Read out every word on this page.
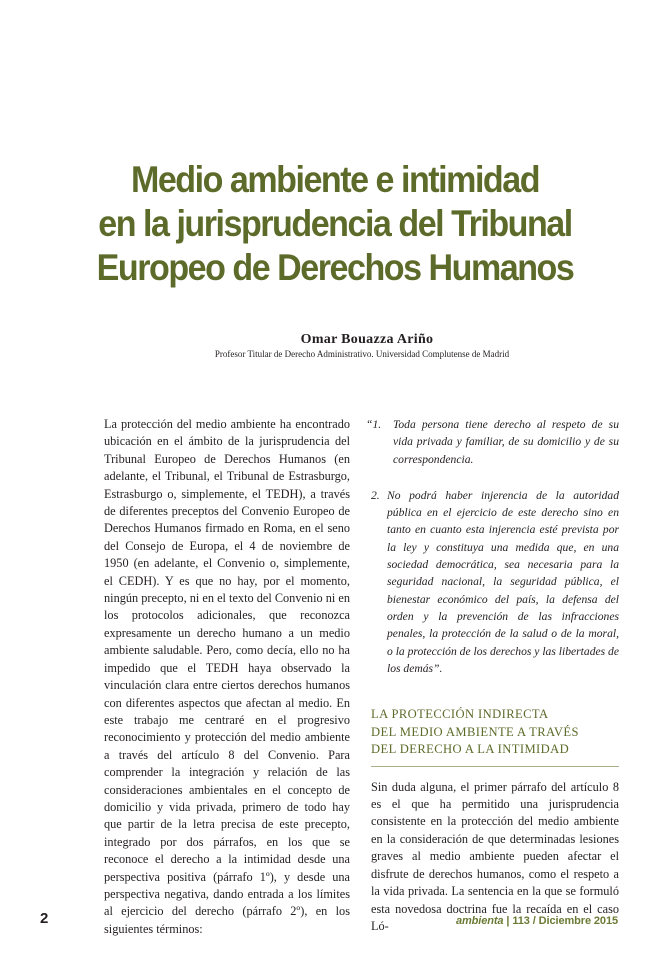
Medio ambiente e intimidad
en la jurisprudencia del Tribunal
Europeo de Derechos Humanos
Omar Bouazza Ariño
Profesor Titular de Derecho Administrativo. Universidad Complutense de Madrid

La protección del medio ambiente ha encontrado ubicación en el ámbito de la jurisprudencia del Tribunal Europeo de Derechos Humanos (en adelante, el Tribunal, el Tribunal de Estrasburgo, Estrasburgo o, simplemente, el TEDH), a través de diferentes preceptos del Convenio Europeo de Derechos Humanos firmado en Roma, en el seno del Consejo de Europa, el 4 de noviembre de 1950 (en adelante, el Convenio o, simplemente, el CEDH). Y es que no hay, por el momento, ningún precepto, ni en el texto del Convenio ni en los protocolos adicionales, que reconozca expresamente un derecho humano a un medio ambiente saludable. Pero, como decía, ello no ha impedido que el TEDH haya observado la vinculación clara entre ciertos derechos humanos con diferentes aspectos que afectan al medio. En este trabajo me centraré en el progresivo reconocimiento y protección del medio ambiente a través del artículo 8 del Convenio. Para comprender la integración y relación de las consideraciones ambientales en el concepto de domicilio y vida privada, primero de todo hay que partir de la letra precisa de este precepto, integrado por dos párrafos, en los que se reconoce el derecho a la intimidad desde una perspectiva positiva (párrafo 1º), y desde una perspectiva negativa, dando entrada a los límites al ejercicio del derecho (párrafo 2º), en los siguientes términos:

“1.	Toda persona tiene derecho al respeto de su vida privada y familiar, de su domicilio y de su correspondencia.
2. No podrá haber injerencia de la autoridad pública en el ejercicio de este derecho sino en tanto en cuanto esta injerencia esté prevista por la ley y constituya una medida que, en una sociedad democrática, sea necesaria para la seguridad nacional, la seguridad pública, el bienestar económico del país, la defensa del orden y la prevención de las infracciones penales, la protección de la salud o de la moral, o la protección de los derechos y las libertades de los demás”.
LA PROTECCIÓN INDIRECTA
DEL MEDIO AMBIENTE A TRAVÉS
DEL DERECHO A LA INTIMIDAD

Sin duda alguna, el primer párrafo del artículo 8 es el que ha permitido una jurisprudencia consistente en la protección del medio ambiente en la consideración de que determinadas lesiones graves al medio ambiente pueden afectar el disfrute de derechos humanos, como el respeto a la vida privada. La sentencia en la que se formuló esta novedosa doctrina fue la recaída en el caso Ló-

2	ambienta | 113 / Diciembre 2015
